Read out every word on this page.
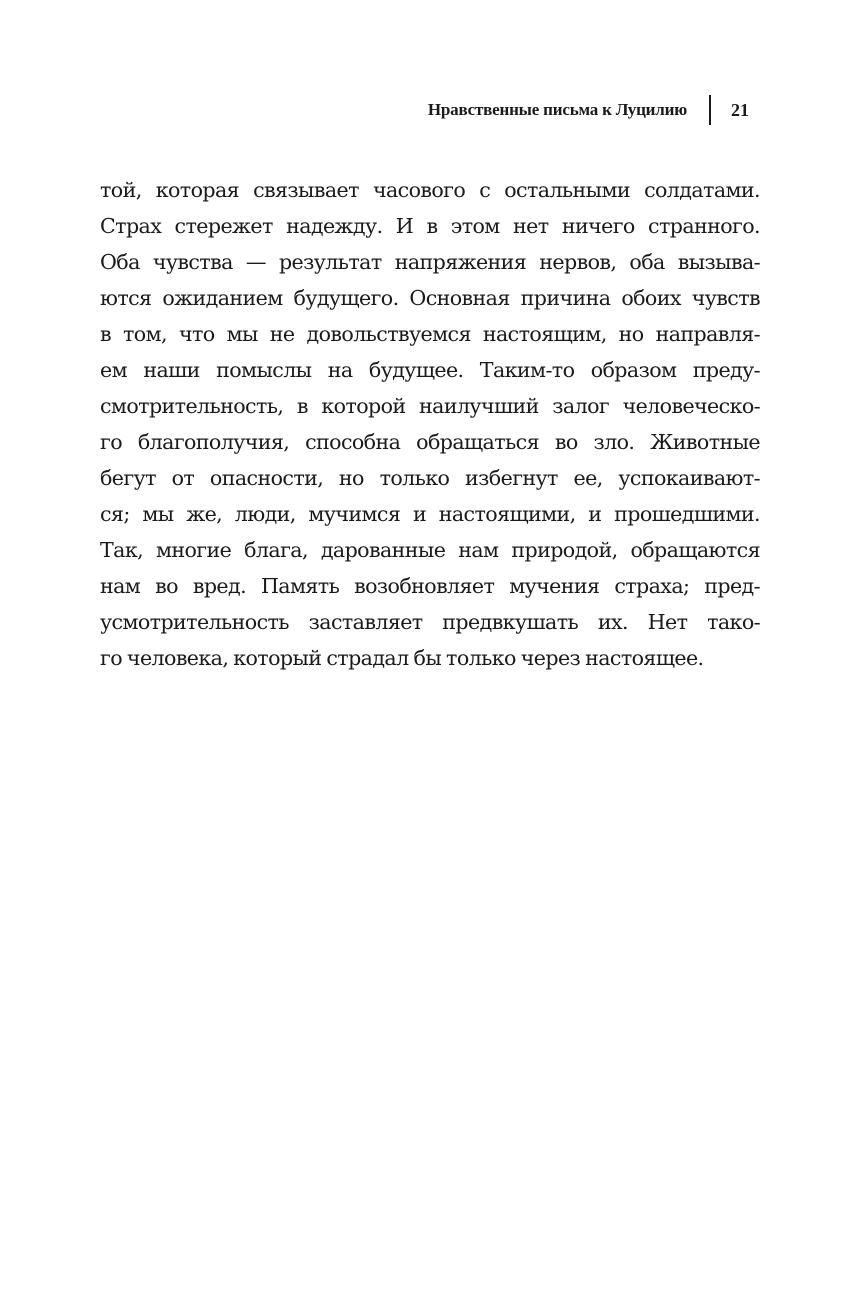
Нравственные письма к Луцилию 21
той, которая связывает часового с остальными солдатами.
Страх стережет надежду. И в этом нет ничего странного.
Оба чувства — результат напряжения нервов, оба вызыва-
ются ожиданием будущего. Основная причина обоих чувств
в том, что мы не довольствуемся настоящим, но направля-
ем наши помыслы на будущее. Таким-то образом преду-
смотрительность, в которой наилучший залог человеческо-
го благополучия, способна обращаться во зло. Животные
бегут от опасности, но только избегнут ее, успокаивают-
ся; мы же, люди, мучимся и настоящими, и прошедшими.
Так, многие блага, дарованные нам природой, обращаются
нам во вред. Память возобновляет мучения страха; пред-
усмотрительность заставляет предвкушать их. Нет тако-
го человека, который страдал бы только через настоящее.
